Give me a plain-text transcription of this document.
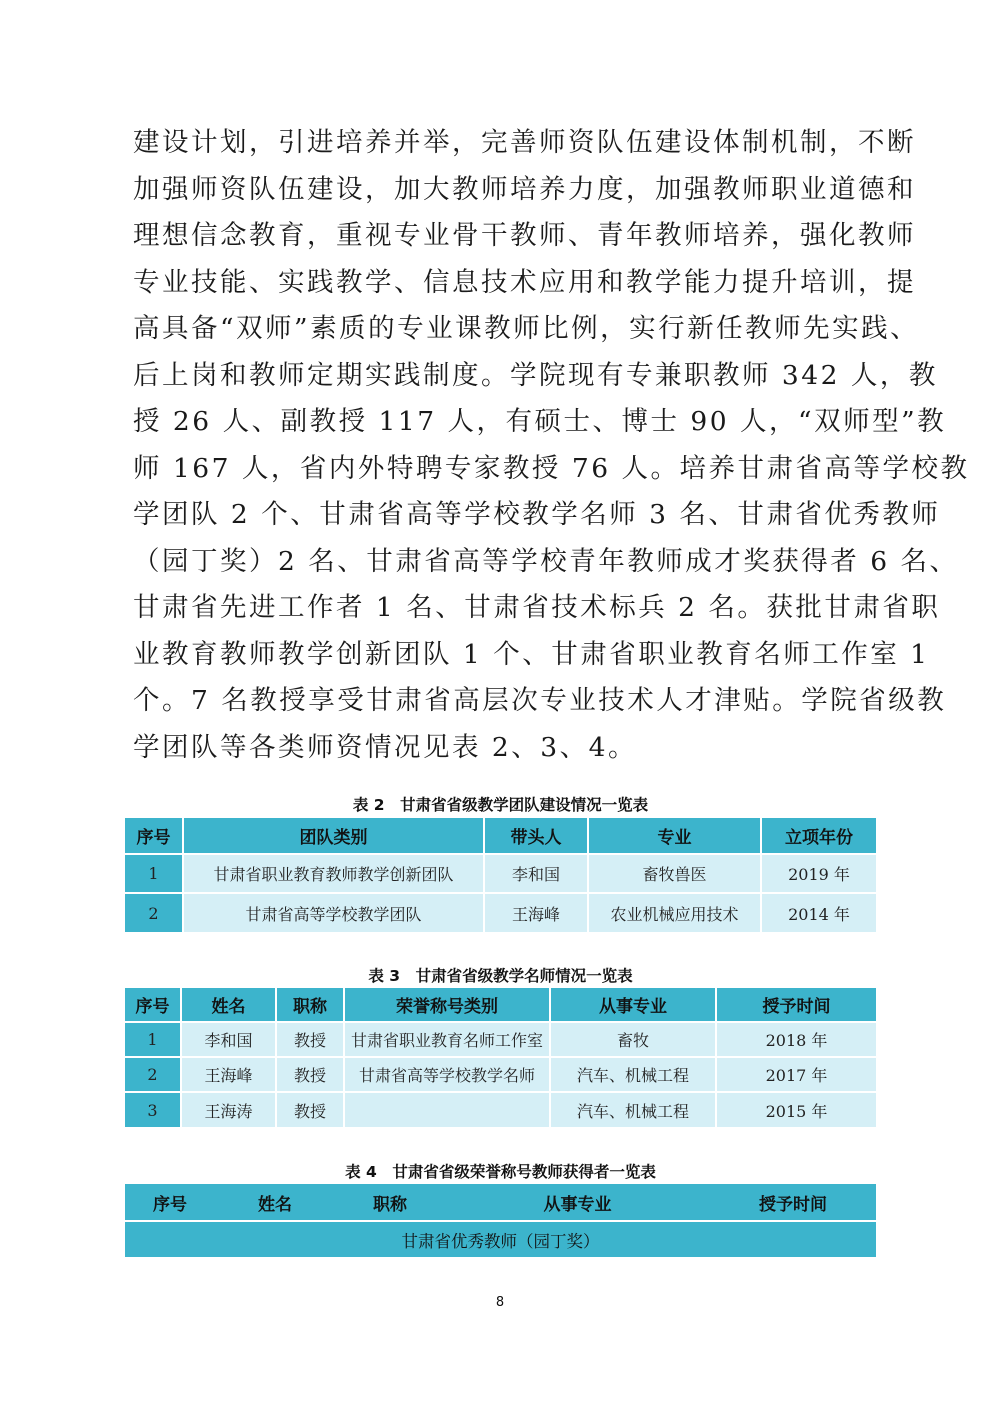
建设计划，引进培养并举，完善师资队伍建设体制机制，不断

加强师资队伍建设，加大教师培养力度，加强教师职业道德和

理想信念教育，重视专业骨干教师、青年教师培养，强化教师

专业技能、实践教学、信息技术应用和教学能力提升培训，提

高具备“双师”素质的专业课教师比例，实行新任教师先实践、

后上岗和教师定期实践制度。学院现有专兼职教师 342 人，教

授 26 人、副教授 117 人，有硕士、博士 90 人，“双师型”教

师 167 人，省内外特聘专家教授 76 人。培养甘肃省高等学校教

学团队 2 个、甘肃省高等学校教学名师 3 名、甘肃省优秀教师

（园丁奖）2 名、甘肃省高等学校青年教师成才奖获得者 6 名、

甘肃省先进工作者 1 名、甘肃省技术标兵 2 名。获批甘肃省职

业教育教师教学创新团队 1 个、甘肃省职业教育名师工作室 1

个。7 名教授享受甘肃省高层次专业技术人才津贴。学院省级教

学团队等各类师资情况见表 2、3、4。

表 2　甘肃省省级教学团队建设情况一览表
序号	团队类别	带头人	专业	立项年份
1	甘肃省职业教育教师教学创新团队	李和国	畜牧兽医	2019 年
2	甘肃省高等学校教学团队	王海峰	农业机械应用技术	2014 年
表 3　甘肃省省级教学名师情况一览表
序号	姓名	职称	荣誉称号类别	从事专业	授予时间
1	李和国	教授	甘肃省职业教育名师工作室	畜牧	2018 年
2	王海峰	教授	甘肃省高等学校教学名师	汽车、机械工程	2017 年
3	王海涛	教授		汽车、机械工程	2015 年
表 4　甘肃省省级荣誉称号教师获得者一览表
序号	姓名	职称	从事专业	授予时间
甘肃省优秀教师（园丁奖）
8
